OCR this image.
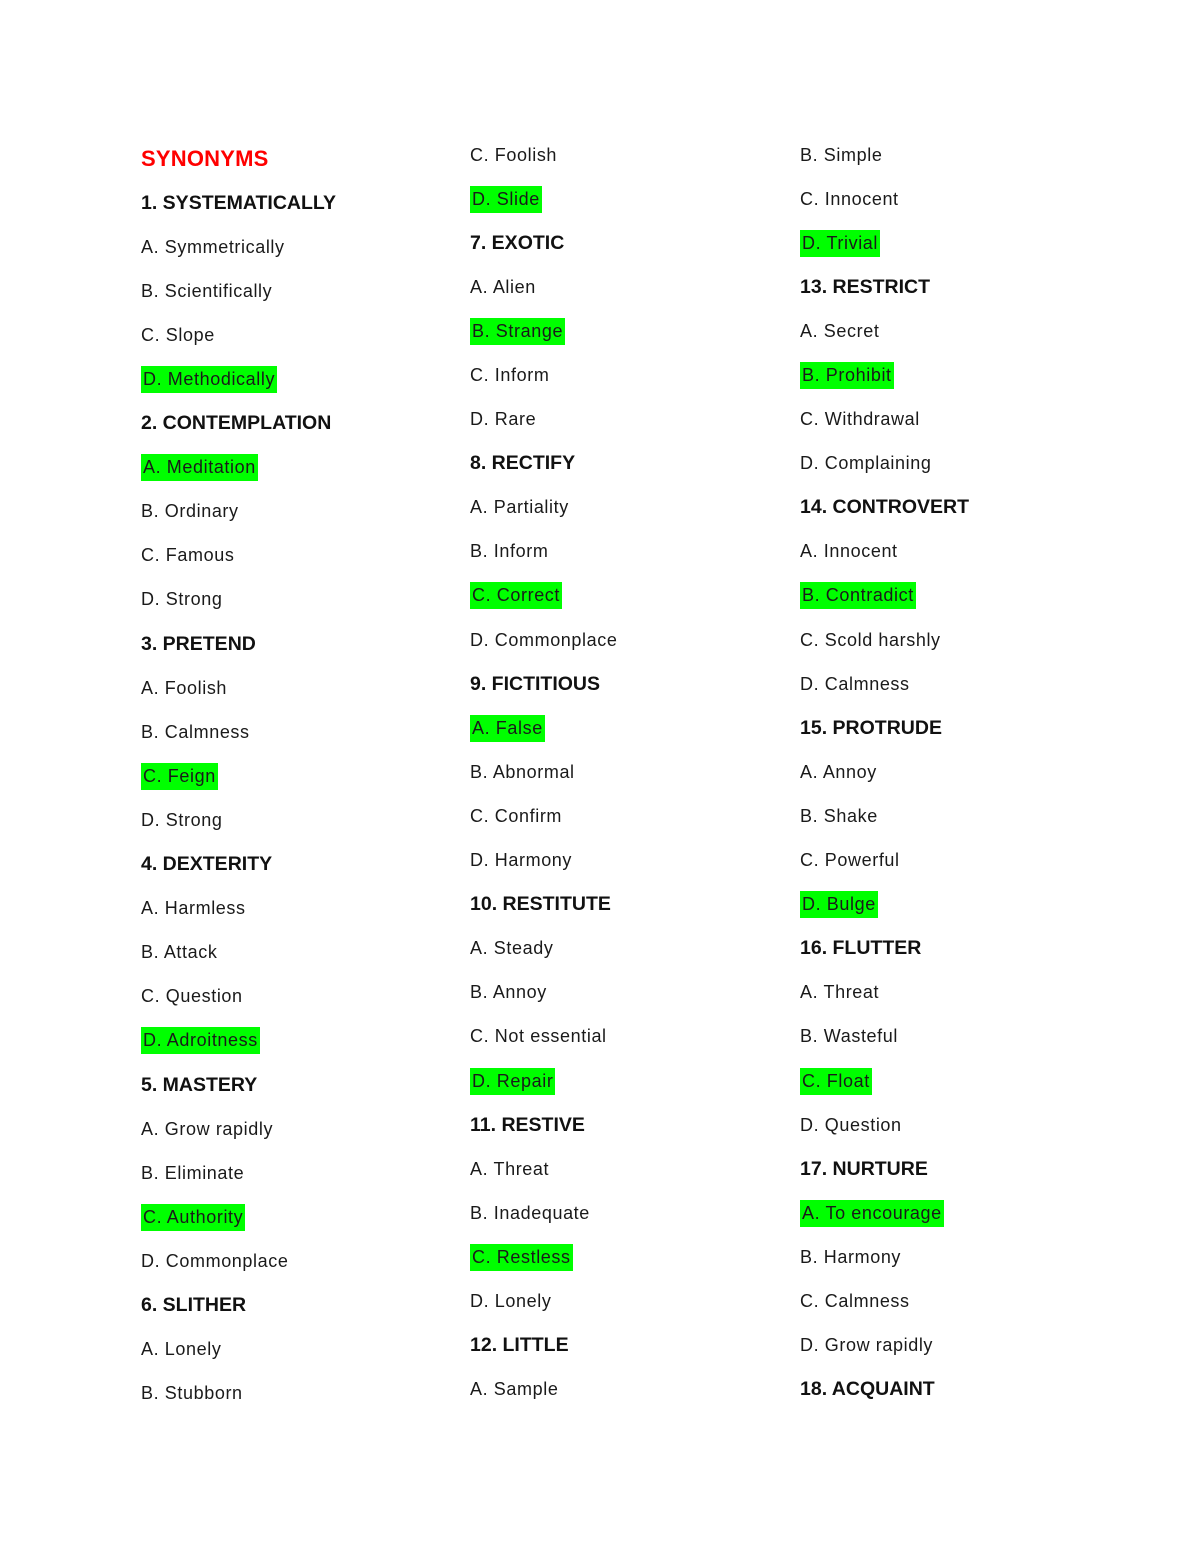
SYNONYMS
1. SYSTEMATICALLY
A. Symmetrically
B. Scientifically
C. Slope
D. Methodically
2. CONTEMPLATION
A. Meditation
B. Ordinary
C. Famous
D. Strong
3. PRETEND
A. Foolish
B. Calmness
C. Feign
D. Strong
4. DEXTERITY
A. Harmless
B. Attack
C. Question
D. Adroitness
5. MASTERY
A. Grow rapidly
B. Eliminate
C. Authority
D. Commonplace
6. SLITHER
A. Lonely
B. Stubborn
C. Foolish
D. Slide
7. EXOTIC
A. Alien
B. Strange
C. Inform
D. Rare
8. RECTIFY
A. Partiality
B. Inform
C. Correct
D. Commonplace
9. FICTITIOUS
A. False
B. Abnormal
C. Confirm
D. Harmony
10. RESTITUTE
A. Steady
B. Annoy
C. Not essential
D. Repair
11. RESTIVE
A. Threat
B. Inadequate
C. Restless
D. Lonely
12. LITTLE
A. Sample
B. Simple
C. Innocent
D. Trivial
13. RESTRICT
A. Secret
B. Prohibit
C. Withdrawal
D. Complaining
14. CONTROVERT
A. Innocent
B. Contradict
C. Scold harshly
D. Calmness
15. PROTRUDE
A. Annoy
B. Shake
C. Powerful
D. Bulge
16. FLUTTER
A. Threat
B. Wasteful
C. Float
D. Question
17. NURTURE
A. To encourage
B. Harmony
C. Calmness
D. Grow rapidly
18. ACQUAINT
